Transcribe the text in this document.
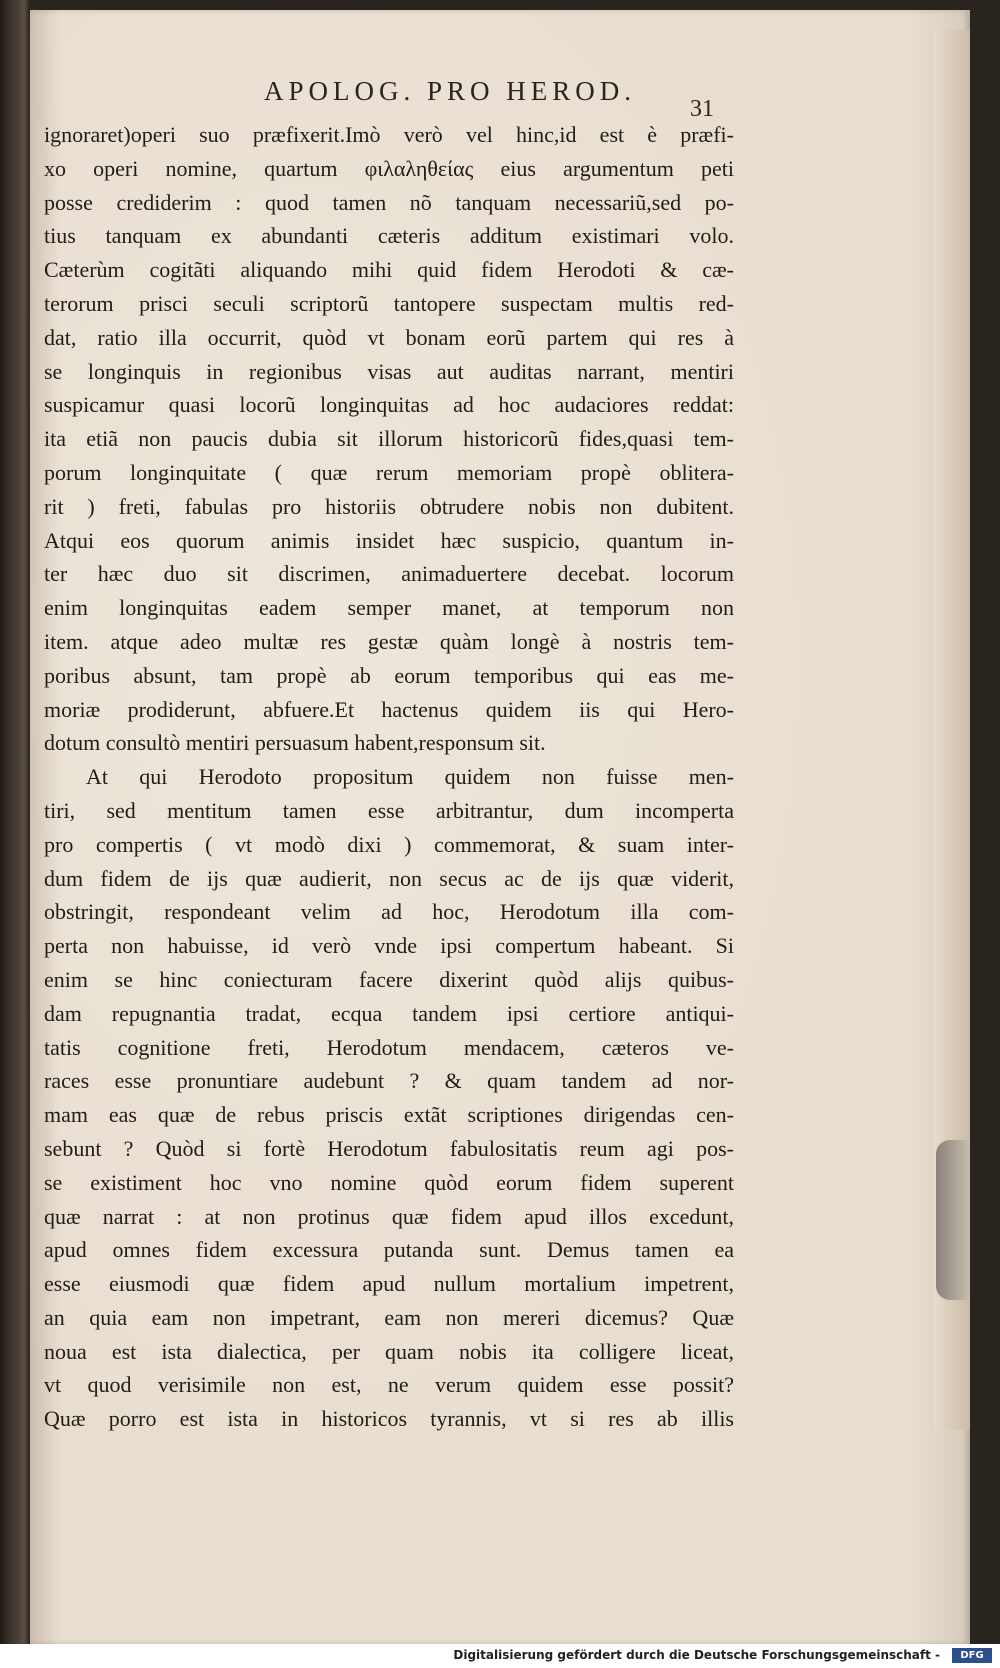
APOLOG. PRO HEROD.
31
ignoraret)operi suo præfixerit.Imò verò vel hinc,id est è præfi-
xo operi nomine, quartum φιλαληθείας eius argumentum peti
posse crediderim : quod tamen nõ tanquam necessariũ,sed po-
tius tanquam ex abundanti cæteris additum existimari volo.
Cæterùm cogitãti aliquando mihi quid fidem Herodoti & cæ-
terorum prisci seculi scriptorũ tantopere suspectam multis red-
dat, ratio illa occurrit, quòd vt bonam eorũ partem qui res à
se longinquis in regionibus visas aut auditas narrant, mentiri
suspicamur quasi locorũ longinquitas ad hoc audaciores reddat:
ita etiã non paucis dubia sit illorum historicorũ fides,quasi tem-
porum longinquitate ( quæ rerum memoriam propè oblitera-
rit ) freti, fabulas pro historiis obtrudere nobis non dubitent.
Atqui eos quorum animis insidet hæc suspicio, quantum in-
ter hæc duo sit discrimen, animaduertere decebat. locorum
enim longinquitas eadem semper manet, at temporum non
item. atque adeo multæ res gestæ quàm longè à nostris tem-
poribus absunt, tam propè ab eorum temporibus qui eas me-
moriæ prodiderunt, abfuere.Et hactenus quidem iis qui Hero-
dotum consultò mentiri persuasum habent,responsum sit.
At qui Herodoto propositum quidem non fuisse men-
tiri, sed mentitum tamen esse arbitrantur, dum incomperta
pro compertis ( vt modò dixi ) commemorat, & suam inter-
dum fidem de ijs quæ audierit, non secus ac de ijs quæ viderit,
obstringit, respondeant velim ad hoc, Herodotum illa com-
perta non habuisse, id verò vnde ipsi compertum habeant. Si
enim se hinc coniecturam facere dixerint quòd alijs quibus-
dam repugnantia tradat, ecqua tandem ipsi certiore antiqui-
tatis cognitione freti, Herodotum mendacem, cæteros ve-
races esse pronuntiare audebunt ? & quam tandem ad nor-
mam eas quæ de rebus priscis extãt scriptiones dirigendas cen-
sebunt ? Quòd si fortè Herodotum fabulositatis reum agi pos-
se existiment hoc vno nomine quòd eorum fidem superent
quæ narrat : at non protinus quæ fidem apud illos excedunt,
apud omnes fidem excessura putanda sunt. Demus tamen ea
esse eiusmodi quæ fidem apud nullum mortalium impetrent,
an quia eam non impetrant, eam non mereri dicemus? Quæ
noua est ista dialectica, per quam nobis ita colligere liceat,
vt quod verisimile non est, ne verum quidem esse possit?
Quæ porro est ista in historicos tyrannis, vt si res ab illis
Digitalisierung gefördert durch die Deutsche Forschungsgemeinschaft -	DFG
